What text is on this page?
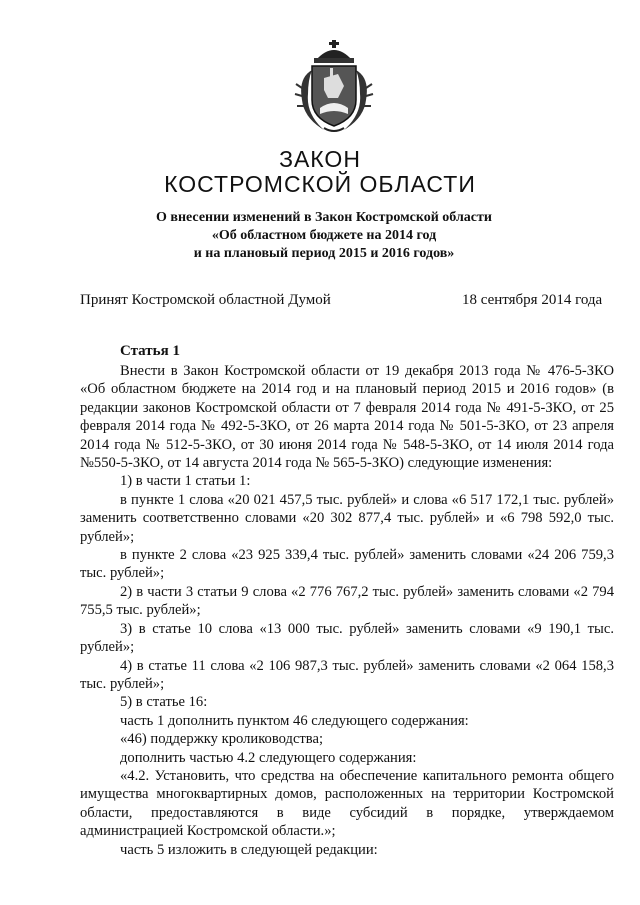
ЗАКОН
КОСТРОМСКОЙ ОБЛАСТИ
О внесении изменений в Закон Костромской области
«Об областном бюджете на 2014 год
и на плановый период 2015 и 2016 годов»
Принят Костромской областной Думой	18 сентября 2014 года
Статья 1

Внести в Закон Костромской области от 19 декабря 2013 года № 476-5-ЗКО «Об областном бюджете на 2014 год и на плановый период 2015 и 2016 годов» (в редакции законов Костромской области от 7 февраля 2014 года № 491-5-ЗКО, от 25 февраля 2014 года № 492-5-ЗКО, от 26 марта 2014 года № 501-5-ЗКО, от 23 апреля 2014 года № 512-5-ЗКО, от 30 июня 2014 года № 548-5-ЗКО, от 14 июля 2014 года №550-5-ЗКО, от 14 августа 2014 года № 565-5-ЗКО) следующие изменения:

1) в части 1 статьи 1:

в пункте 1 слова «20 021 457,5 тыс. рублей» и слова «6 517 172,1 тыс. рублей» заменить соответственно словами «20 302 877,4 тыс. рублей» и «6 798 592,0 тыс. рублей»;

в пункте 2 слова «23 925 339,4 тыс. рублей» заменить словами «24 206 759,3 тыс. рублей»;

2) в части 3 статьи 9 слова «2 776 767,2 тыс. рублей» заменить словами «2 794 755,5 тыс. рублей»;

3) в статье 10 слова «13 000 тыс. рублей» заменить словами «9 190,1 тыс. рублей»;

4) в статье 11 слова «2 106 987,3 тыс. рублей» заменить словами «2 064 158,3 тыс. рублей»;

5) в статье 16:

часть 1 дополнить пунктом 46 следующего содержания:

«46) поддержку кролиководства;

дополнить частью 4.2 следующего содержания:

«4.2. Установить, что средства на обеспечение капитального ремонта общего имущества многоквартирных домов, расположенных на территории Костромской области, предоставляются в виде субсидий в порядке, утверждаемом администрацией Костромской области.»;

часть 5 изложить в следующей редакции:
